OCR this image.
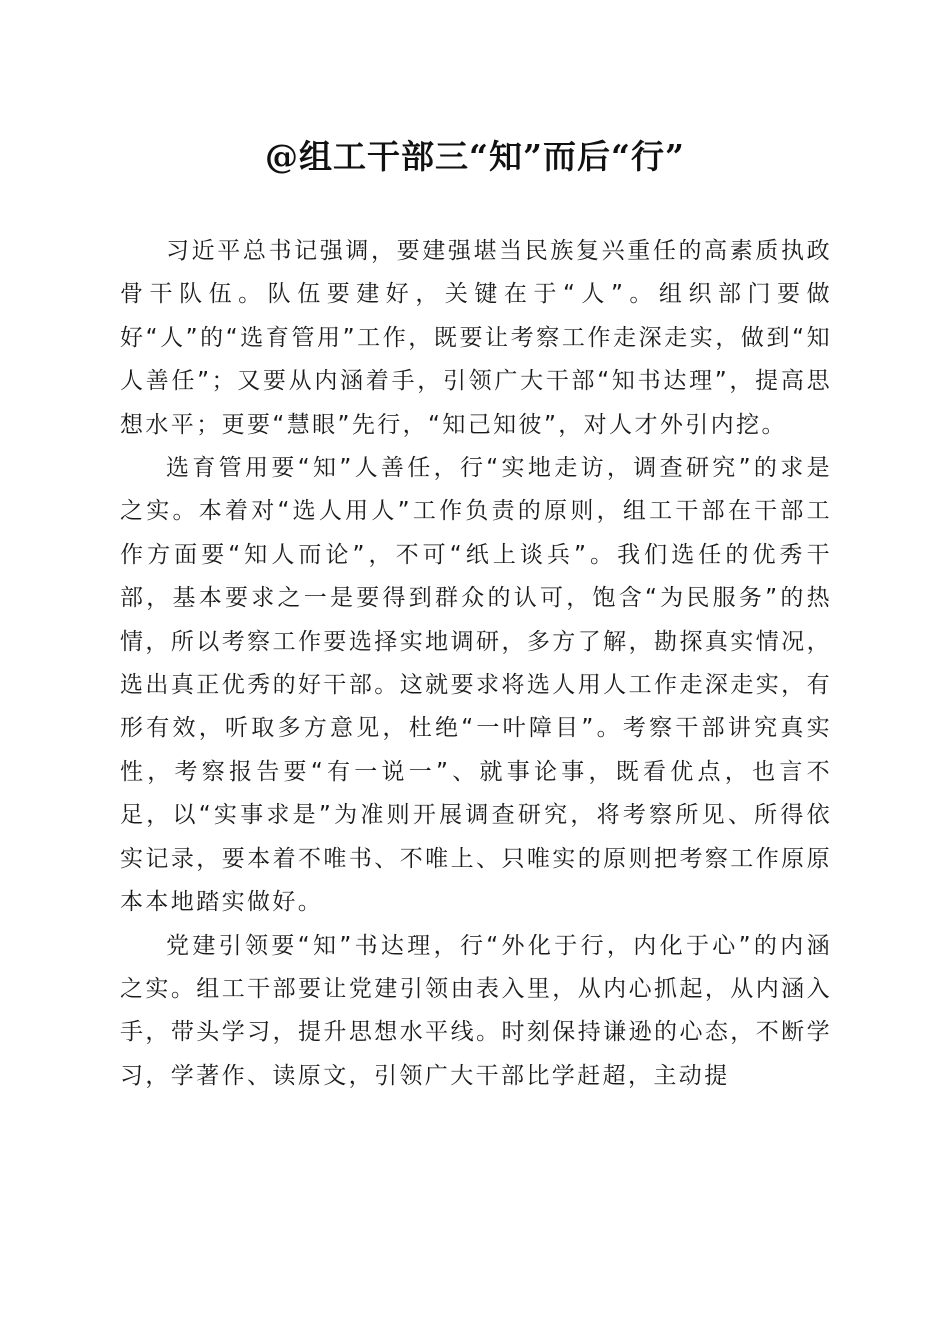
@组工干部三“知”而后“行”

习近平总书记强调，要建强堪当民族复兴重任的高素质执政骨干队伍。队伍要建好，关键在于“人”。组织部门要做好“人”的“选育管用”工作，既要让考察工作走深走实，做到“知人善任”；又要从内涵着手，引领广大干部“知书达理”，提高思想水平；更要“慧眼”先行，“知己知彼”，对人才外引内挖。

选育管用要“知”人善任，行“实地走访，调查研究”的求是之实。本着对“选人用人”工作负责的原则，组工干部在干部工作方面要“知人而论”，不可“纸上谈兵”。我们选任的优秀干部，基本要求之一是要得到群众的认可，饱含“为民服务”的热情，所以考察工作要选择实地调研，多方了解，勘探真实情况，选出真正优秀的好干部。这就要求将选人用人工作走深走实，有形有效，听取多方意见，杜绝“一叶障目”。考察干部讲究真实性，考察报告要“有一说一”、就事论事，既看优点，也言不足，以“实事求是”为准则开展调查研究，将考察所见、所得依实记录，要本着不唯书、不唯上、只唯实的原则把考察工作原原本本地踏实做好。

党建引领要“知”书达理，行“外化于行，内化于心”的内涵之实。组工干部要让党建引领由表入里，从内心抓起，从内涵入手，带头学习，提升思想水平线。时刻保持谦逊的心态，不断学习，学著作、读原文，引领广大干部比学赶超，主动提
